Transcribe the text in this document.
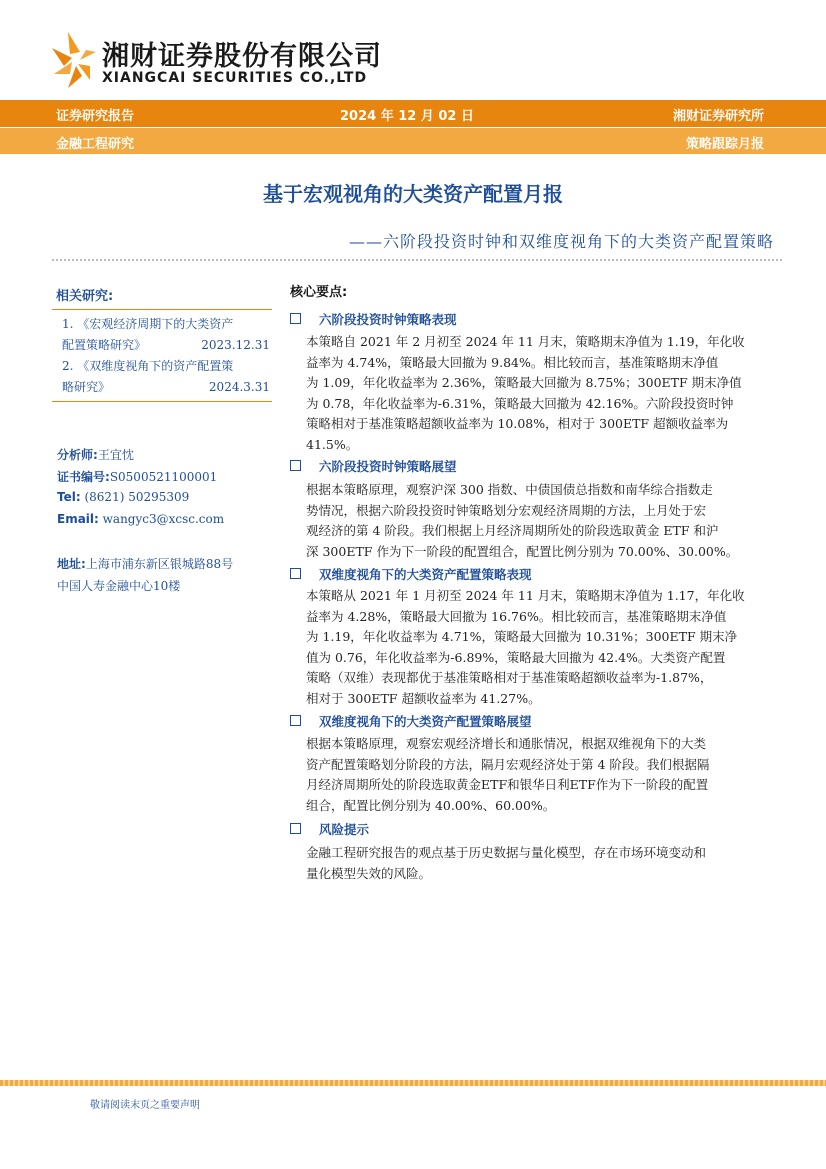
湘财证券股份有限公司
XIANGCAI SECURITIES CO.,LTD
证券研究报告	2024 年 12 月 02 日	湘财证券研究所
金融工程研究	策略跟踪月报
基于宏观视角的大类资产配置月报
——六阶段投资时钟和双维度视角下的大类资产配置策略
相关研究:
1. 《宏观经济周期下的大类资产
配置策略研究》	2023.12.31
2. 《双维度视角下的资产配置策
略研究》	2024.3.31
分析师:王宜忱
证书编号:S0500521100001
Tel: (8621) 50295309
Email: wangyc3@xcsc.com
地址:上海市浦东新区银城路88号
中国人寿金融中心10楼
核心要点:
六阶段投资时钟策略表现
本策略自 2021 年 2 月初至 2024 年 11 月末，策略期末净值为 1.19，年化收
益率为 4.74%，策略最大回撤为 9.84%。相比较而言，基准策略期末净值
为 1.09，年化收益率为 2.36%，策略最大回撤为 8.75%；300ETF 期末净值
为 0.78，年化收益率为-6.31%，策略最大回撤为 42.16%。六阶段投资时钟
策略相对于基准策略超额收益率为 10.08%，相对于 300ETF 超额收益率为
41.5%。
六阶段投资时钟策略展望
根据本策略原理，观察沪深 300 指数、中债国债总指数和南华综合指数走
势情况，根据六阶段投资时钟策略划分宏观经济周期的方法，上月处于宏
观经济的第 4 阶段。我们根据上月经济周期所处的阶段选取黄金 ETF 和沪
深 300ETF 作为下一阶段的配置组合，配置比例分别为 70.00%、30.00%。
双维度视角下的大类资产配置策略表现
本策略从 2021 年 1 月初至 2024 年 11 月末，策略期末净值为 1.17，年化收
益率为 4.28%，策略最大回撤为 16.76%。相比较而言，基准策略期末净值
为 1.19，年化收益率为 4.71%，策略最大回撤为 10.31%；300ETF 期末净
值为 0.76，年化收益率为-6.89%，策略最大回撤为 42.4%。大类资产配置
策略（双维）表现都优于基准策略相对于基准策略超额收益率为-1.87%，
相对于 300ETF 超额收益率为 41.27%。
双维度视角下的大类资产配置策略展望
根据本策略原理，观察宏观经济增长和通胀情况，根据双维视角下的大类
资产配置策略划分阶段的方法，隔月宏观经济处于第 4 阶段。我们根据隔
月经济周期所处的阶段选取黄金ETF和银华日利ETF作为下一阶段的配置
组合，配置比例分别为 40.00%、60.00%。
风险提示
金融工程研究报告的观点基于历史数据与量化模型，存在市场环境变动和
量化模型失效的风险。
敬请阅读末页之重要声明
